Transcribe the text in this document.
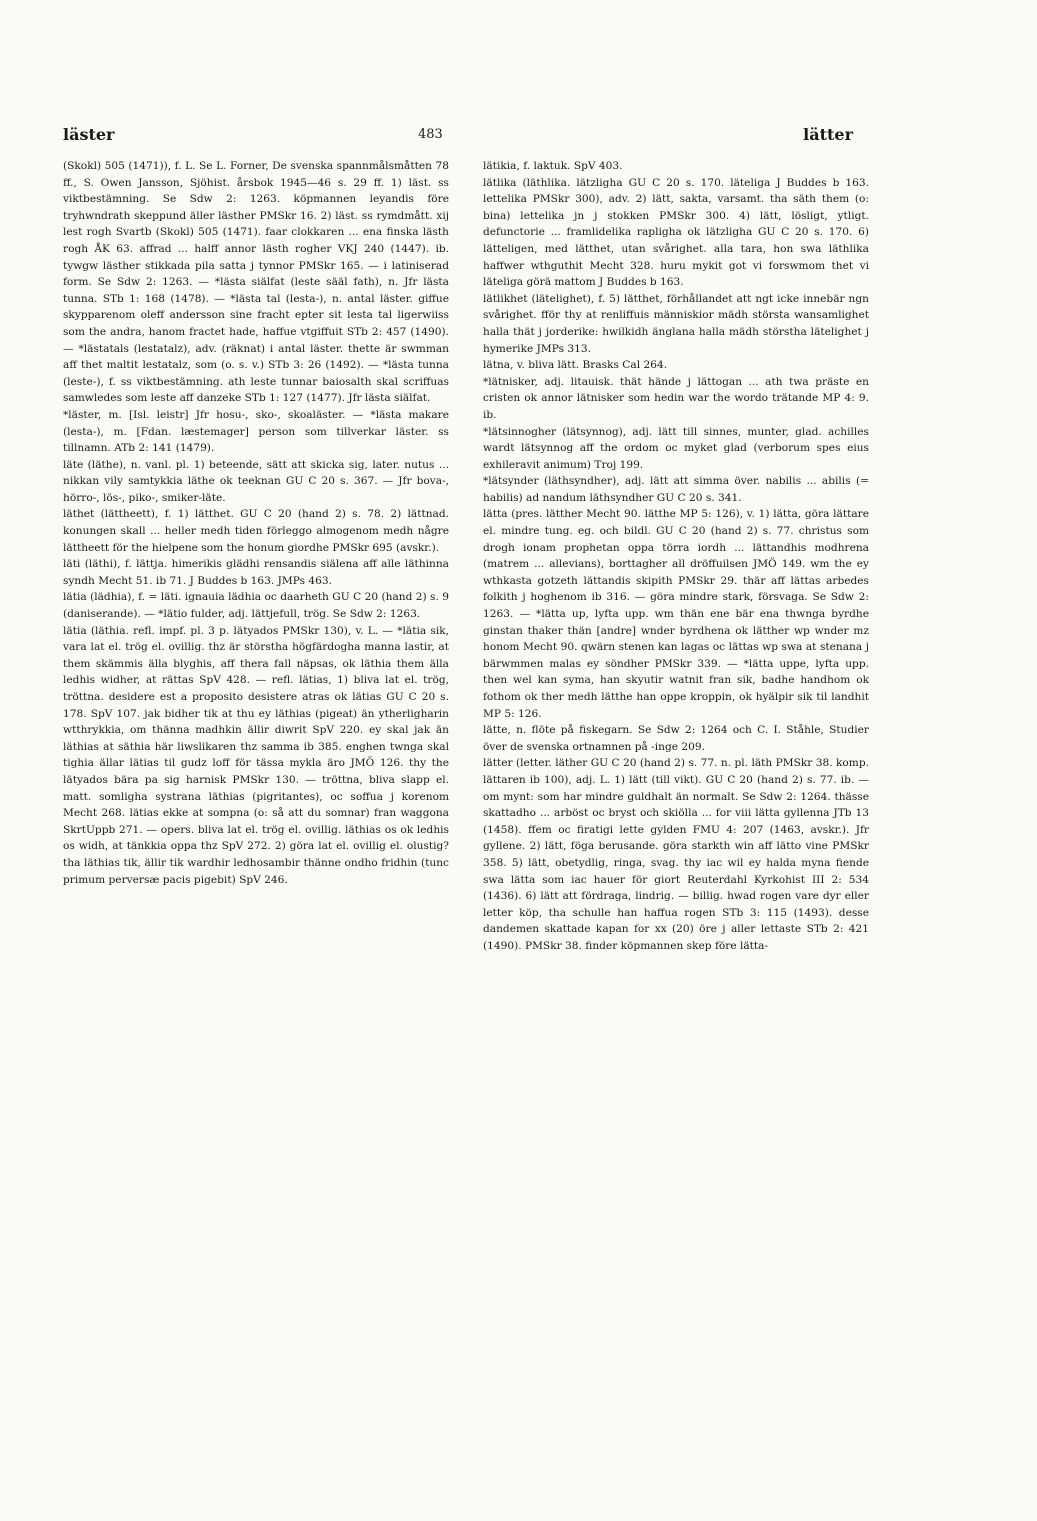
läster	483	lätter

(Skokl) 505 (1471)), f. L. Se L. Forner, De svenska spannmålsmåtten 78 ff., S. Owen Jansson, Sjöhist. årsbok 1945—46 s. 29 ff. 1) läst. ss viktbestämning. Se Sdw 2: 1263. köpmannen leyandis före tryhwndrath skeppund äller lästher PMSkr 16. 2) läst. ss rymdmått. xij lest rogh Svartb (Skokl) 505 (1471). faar clokkaren ... ena finska lästh rogh ÅK 63. affrad ... halff annor lästh rogher VKJ 240 (1447). ib. tywgw lästher stikkada pila satta j tynnor PMSkr 165. — i latiniserad form. Se Sdw 2: 1263. — *lästa siälfat (leste sääl fath), n. Jfr lästa tunna. STb 1: 168 (1478). — *lästa tal (lesta-), n. antal läster. giffue skypparenom oleff andersson sine fracht epter sit lesta tal ligerwiiss som the andra, hanom fractet hade, haffue vtgiffuit STb 2: 457 (1490). — *lästatals (lestatalz), adv. (räknat) i antal läster. thette är swmman aff thet maltit lestatalz, som (o. s. v.) STb 3: 26 (1492). — *lästa tunna (leste-), f. ss viktbestämning. ath leste tunnar baiosalth skal scriffuas samwledes som leste aff danzeke STb 1: 127 (1477). Jfr lästa siälfat.

*läster, m. [Isl. leistr] Jfr hosu-, sko-, skoaläster. — *lästa makare (lesta-), m. [Fdan. læstemager] person som tillverkar läster. ss tillnamn. ATb 2: 141 (1479).

läte (läthe), n. vanl. pl. 1) beteende, sätt att skicka sig, later. nutus ... nikkan vily samtykkia läthe ok teeknan GU C 20 s. 367. — Jfr bova-, hörro-, lös-, piko-, smiker-läte.

läthet (lättheett), f. 1) lätthet. GU C 20 (hand 2) s. 78. 2) lättnad. konungen skall ... heller medh tiden förleggo almogenom medh någre lättheett för the hielpene som the honum giordhe PMSkr 695 (avskr.).

läti (läthi), f. lättja. himerikis glädhi rensandis siälena aff alle läthinna syndh Mecht 51. ib 71. J Buddes b 163. JMPs 463.

lätia (lädhia), f. = läti. ignauia lädhia oc daarheth GU C 20 (hand 2) s. 9 (daniserande). — *lätio fulder, adj. lättjefull, trög. Se Sdw 2: 1263.

lätia (läthia. refl. impf. pl. 3 p. lätyados PMSkr 130), v. L. — *lätia sik, vara lat el. trög el. ovillig. thz är störstha högfärdogha manna lastir, at them skämmis älla blyghis, aff thera fall näpsas, ok läthia them älla ledhis widher, at rättas SpV 428. — refl. lätias, 1) bliva lat el. trög, tröttna. desidere est a proposito desistere atras ok lätias GU C 20 s. 178. SpV 107. jak bidher tik at thu ey läthias (pigeat) än ytherligharin wtthrykkia, om thänna madhkin ällir diwrit SpV 220. ey skal jak än läthias at säthia här liwslikaren thz samma ib 385. enghen twnga skal tighia ällar lätias til gudz loff för tässa mykla äro JMÖ 126. thy the lätyados bära pa sig harnisk PMSkr 130. — tröttna, bliva slapp el. matt. somligha systrana läthias (pigritantes), oc soffua j korenom Mecht 268. lätias ekke at sompna (o: så att du somnar) fran waggona SkrtUppb 271. — opers. bliva lat el. trög el. ovillig. läthias os ok ledhis os widh, at tänkkia oppa thz SpV 272. 2) göra lat el. ovillig el. olustig? tha läthias tik, ällir tik wardhir ledhosambir thänne ondho fridhin (tunc primum perversæ pacis pigebit) SpV 246.

lätikia, f. laktuk. SpV 403.

lätlika (läthlika. lätzligha GU C 20 s. 170. läteliga J Buddes b 163. lettelika PMSkr 300), adv. 2) lätt, sakta, varsamt. tha säth them (o: bina) lettelika jn j stokken PMSkr 300. 4) lätt, lösligt, ytligt. defunctorie ... framlidelika rapligha ok lätzligha GU C 20 s. 170. 6) lätteligen, med lätthet, utan svårighet. alla tara, hon swa läthlika haffwer wthguthit Mecht 328. huru mykit got vi forswmom thet vi läteliga görä mattom J Buddes b 163.

lätlikhet (lätelighet), f. 5) lätthet, förhållandet att ngt icke innebär ngn svårighet. fför thy at renliffuis människior mädh största wansamlighet halla thät j jorderike: hwilkidh änglana halla mädh störstha lätelighet j hymerike JMPs 313.

lätna, v. bliva lätt. Brasks Cal 264.

*lätnisker, adj. litauisk. thät hände j lättogan ... ath twa präste en cristen ok annor lätnisker som hedin war the wordo trätande MP 4: 9. ib.

*lätsinnogher (lätsynnog), adj. lätt till sinnes, munter, glad. achilles wardt lätsynnog aff the ordom oc myket glad (verborum spes eius exhileravit animum) Troj 199.

*lätsynder (läthsyndher), adj. lätt att simma över. nabilis ... abilis (= habilis) ad nandum läthsyndher GU C 20 s. 341.

lätta (pres. lätther Mecht 90. lätthe MP 5: 126), v. 1) lätta, göra lättare el. mindre tung. eg. och bildl. GU C 20 (hand 2) s. 77. christus som drogh ionam prophetan oppa törra iordh ... lättandhis modhrena (matrem ... allevians), borttagher all dröffuilsen JMÖ 149. wm the ey wthkasta gotzeth lättandis skipith PMSkr 29. thär aff lättas arbedes folkith j hoghenom ib 316. — göra mindre stark, försvaga. Se Sdw 2: 1263. — *lätta up, lyfta upp. wm thän ene bär ena thwnga byrdhe ginstan thaker thän [andre] wnder byrdhena ok lätther wp wnder mz honom Mecht 90. qwärn stenen kan lagas oc lättas wp swa at stenana j bärwmmen malas ey söndher PMSkr 339. — *lätta uppe, lyfta upp. then wel kan syma, han skyutir watnit fran sik, badhe handhom ok fothom ok ther medh lätthe han oppe kroppin, ok hyälpir sik til landhit MP 5: 126.

lätte, n. flöte på fiskegarn. Se Sdw 2: 1264 och C. I. Ståhle, Studier över de svenska ortnamnen på -inge 209.

lätter (letter. läther GU C 20 (hand 2) s. 77. n. pl. läth PMSkr 38. komp. lättaren ib 100), adj. L. 1) lätt (till vikt). GU C 20 (hand 2) s. 77. ib. — om mynt: som har mindre guldhalt än normalt. Se Sdw 2: 1264. thässe skattadho ... arböst oc bryst och skiölla ... for viii lätta gyllenna JTb 13 (1458). ffem oc firatigi lette gylden FMU 4: 207 (1463, avskr.). Jfr gyllene. 2) lätt, föga berusande. göra starkth win aff lätto vine PMSkr 358. 5) lätt, obetydlig, ringa, svag. thy iac wil ey halda myna fiende swa lätta som iac hauer för giort Reuterdahl Kyrkohist III 2: 534 (1436). 6) lätt att fördraga, lindrig. — billig. hwad rogen vare dyr eller letter köp, tha schulle han haffua rogen STb 3: 115 (1493). desse dandemen skattade kapan for xx (20) öre j aller lettaste STb 2: 421 (1490). PMSkr 38. finder köpmannen skep före lätta-
